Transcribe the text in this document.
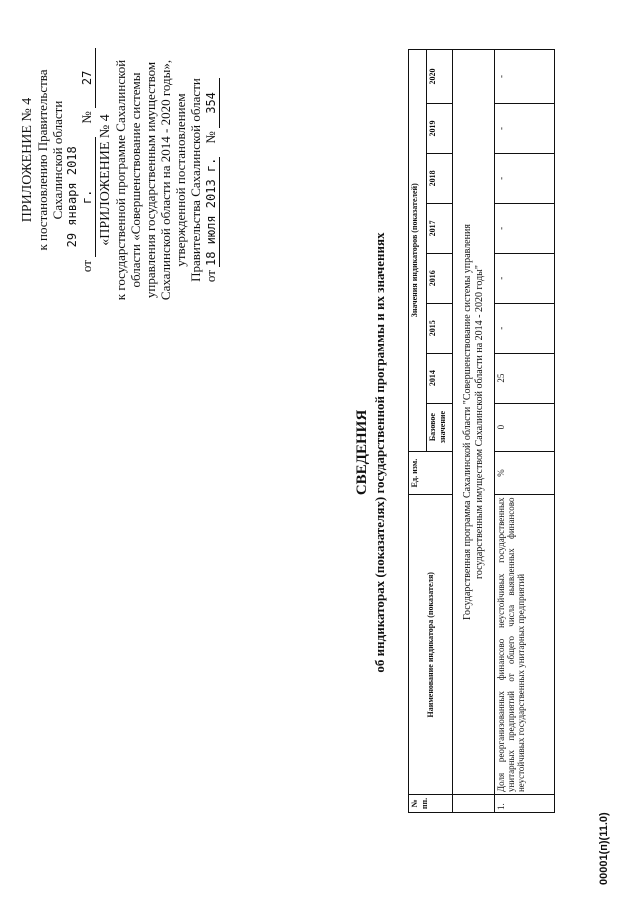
ПРИЛОЖЕНИЕ № 4 к постановлению Правительства Сахалинской области
от 29 января 2018 г. № 27
«ПРИЛОЖЕНИЕ № 4 к государственной программе Сахалинской области «Совершенствование системы управления государственным имуществом Сахалинской области на 2014 - 2020 годы», утвержденной постановлением Правительства Сахалинской области от 18 июля 2013 г. № 354
СВЕДЕНИЯ об индикаторах (показателях) государственной программы и их значениях
№ пп.	Наименование индикатора (показателя)	Ед. изм.	Значения индикаторов (показателей)							
			Базовое значение	2014	2015	2016	2017	2018	2019	2020

	Государственная программа Сахалинской области "Совершенствование системы управления государственным имуществом Сахалинской области на 2014 - 2020 годы"									

1.	Доля реорганизованных финансово неустойчивых государственных унитарных предприятий от общего числа выявленных финансово неустойчивых государственных унитарных предприятий	%	0	25	-	-	-	-	-	-
00001(п)(11.0)
